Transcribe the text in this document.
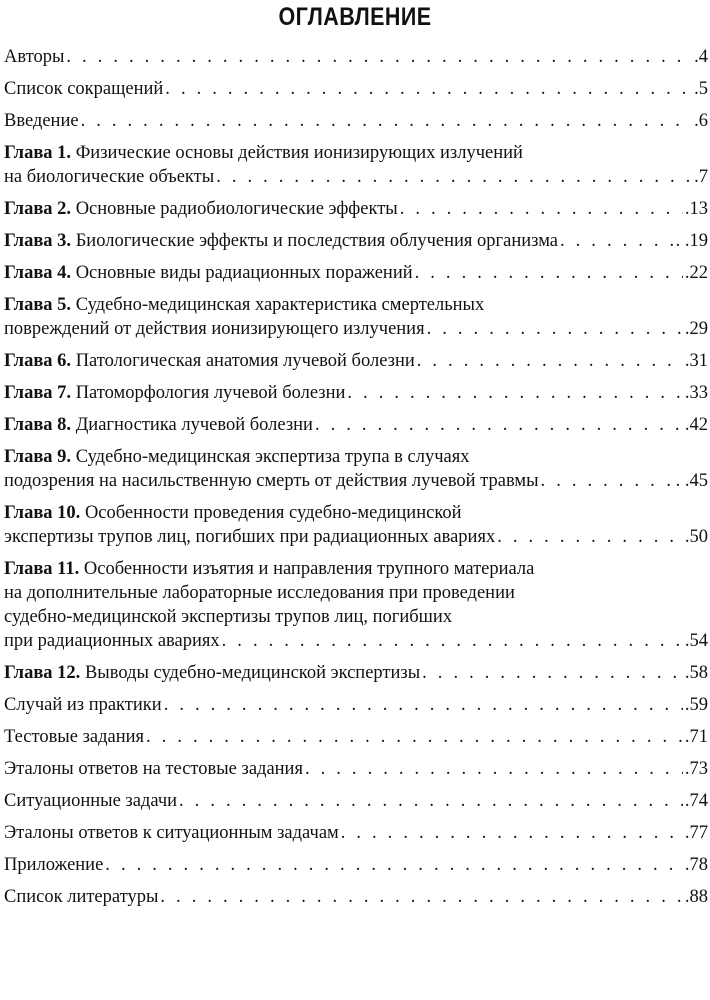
ОГЛАВЛЕНИЕ
Авторы . . .	.4
Список сокращений . . .	.5
Введение . . .	.6
Глава 1. Физические основы действия ионизирующих излучений
на биологические объекты . . .	.7
Глава 2. Основные радиобиологические эффекты . . .	.13
Глава 3. Биологические эффекты и последствия облучения организма . . .	. .19
Глава 4. Основные виды радиационных поражений . . .	.22
Глава 5. Судебно-медицинская характеристика смертельных
повреждений от действия ионизирующего излучения . . .	.29
Глава 6. Патологическая анатомия лучевой болезни . . .	.31
Глава 7. Патоморфология лучевой болезни . . .	.33
Глава 8. Диагностика лучевой болезни . . .	.42
Глава 9. Судебно-медицинская экспертиза трупа в случаях
подозрения на насильственную смерть от действия лучевой травмы . . .	. . .45
Глава 10. Особенности проведения судебно-медицинской
экспертизы трупов лиц, погибших при радиационных авариях . . .	.50
Глава 11. Особенности изъятия и направления трупного материала
на дополнительные лабораторные исследования при проведении
судебно-медицинской экспертизы трупов лиц, погибших
при радиационных авариях . . .	.54
Глава 12. Выводы судебно-медицинской экспертизы . . .	.58
Случай из практики . . .	.59
Тестовые задания . . .	.71
Эталоны ответов на тестовые задания . . .	.73
Ситуационные задачи . . .	.74
Эталоны ответов к ситуационным задачам . . .	.77
Приложение . . .	.78
Список литературы . . .	.88
